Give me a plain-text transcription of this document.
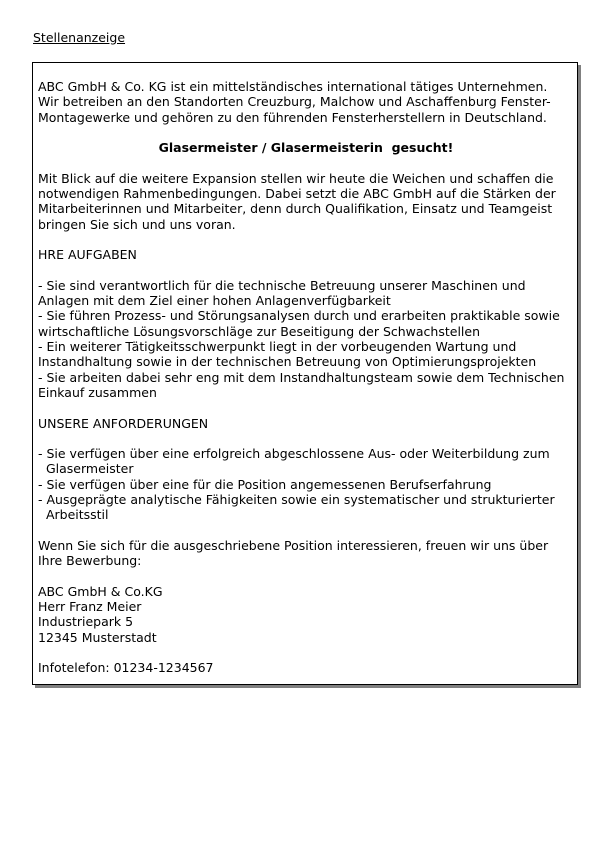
Stellenanzeige

ABC GmbH & Co. KG ist ein mittelständisches international tätiges Unternehmen.

Wir betreiben an den Standorten Creuzburg, Malchow und Aschaffenburg Fenster-

Montagewerke und gehören zu den führenden Fensterherstellern in Deutschland.

Glasermeister / Glasermeisterin  gesucht!

Mit Blick auf die weitere Expansion stellen wir heute die Weichen und schaffen die

notwendigen Rahmenbedingungen. Dabei setzt die ABC GmbH auf die Stärken der

Mitarbeiterinnen und Mitarbeiter, denn durch Qualifikation, Einsatz und Teamgeist

bringen Sie sich und uns voran.

HRE AUFGABEN

- Sie sind verantwortlich für die technische Betreuung unserer Maschinen und

Anlagen mit dem Ziel einer hohen Anlagenverfügbarkeit

- Sie führen Prozess- und Störungsanalysen durch und erarbeiten praktikable sowie

wirtschaftliche Lösungsvorschläge zur Beseitigung der Schwachstellen

- Ein weiterer Tätigkeitsschwerpunkt liegt in der vorbeugenden Wartung und

Instandhaltung sowie in der technischen Betreuung von Optimierungsprojekten

- Sie arbeiten dabei sehr eng mit dem Instandhaltungsteam sowie dem Technischen

Einkauf zusammen

UNSERE ANFORDERUNGEN

- Sie verfügen über eine erfolgreich abgeschlossene Aus- oder Weiterbildung zum

Glasermeister

- Sie verfügen über eine für die Position angemessenen Berufserfahrung

- Ausgeprägte analytische Fähigkeiten sowie ein systematischer und strukturierter

Arbeitsstil

Wenn Sie sich für die ausgeschriebene Position interessieren, freuen wir uns über

Ihre Bewerbung:

ABC GmbH & Co.KG

Herr Franz Meier

Industriepark 5

12345 Musterstadt

Infotelefon: 01234-1234567
